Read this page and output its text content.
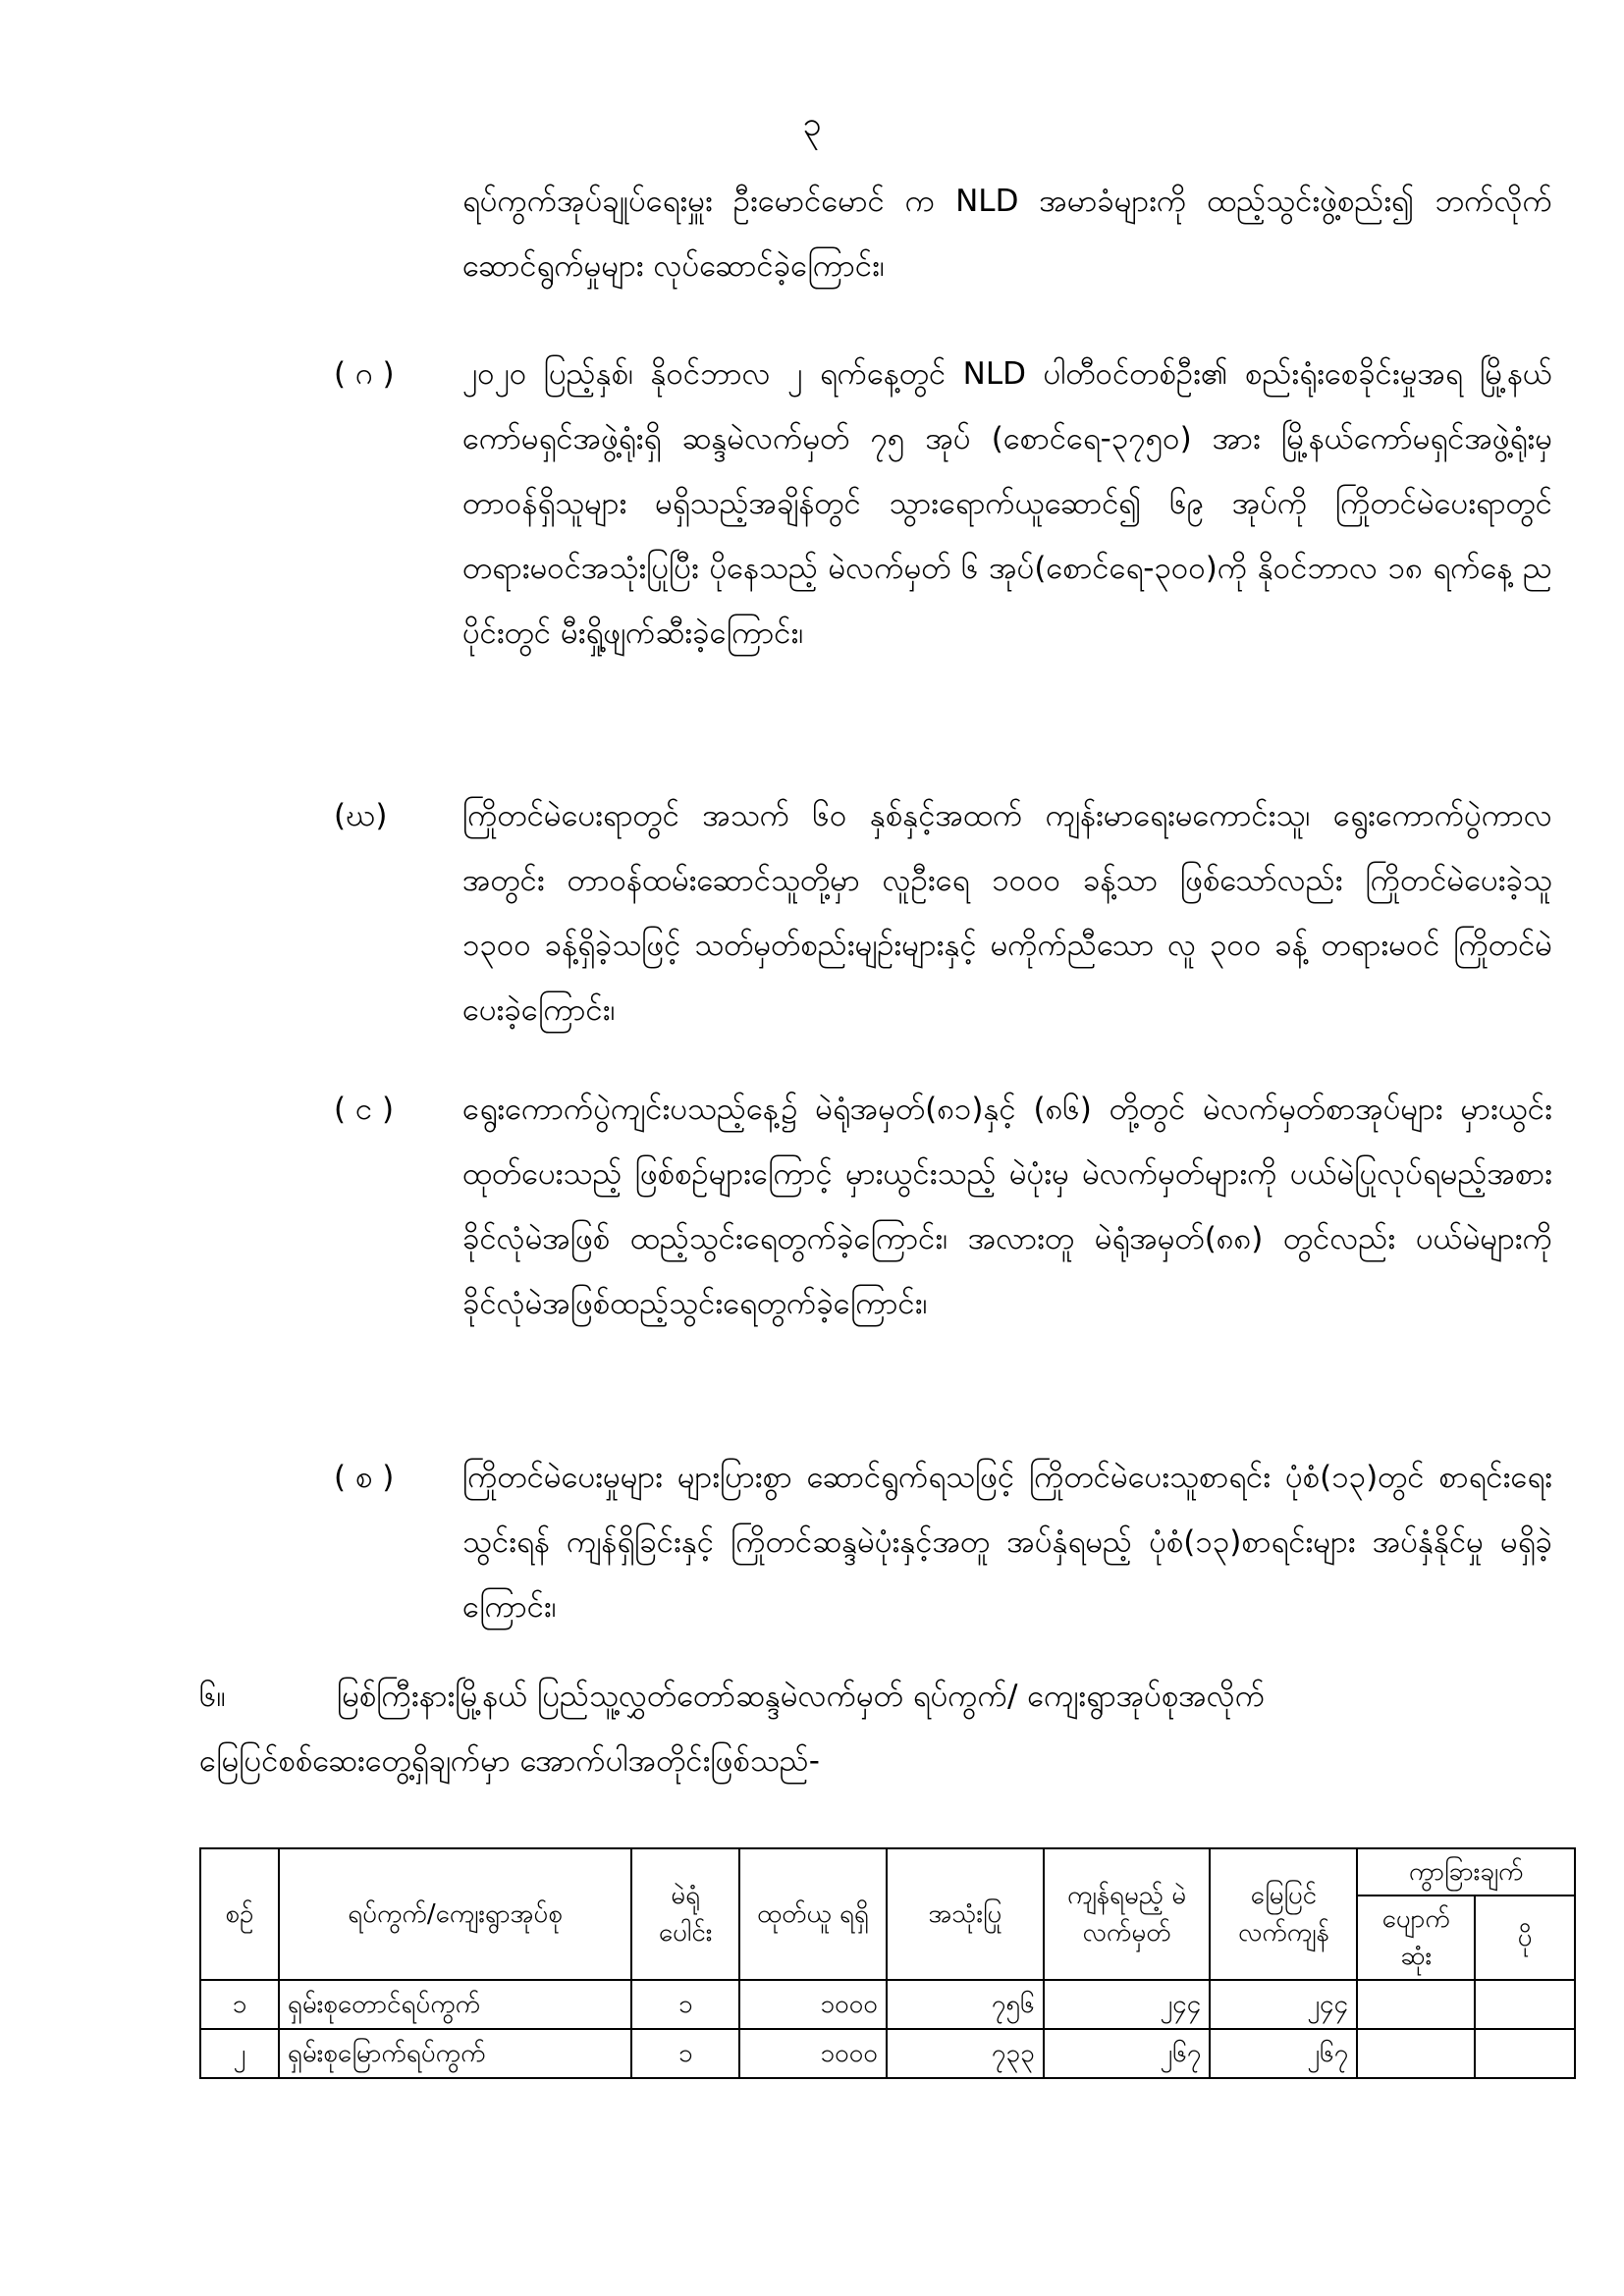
၃
ရပ်ကွက်အုပ်ချုပ်ရေးမှူး ဦးမောင်မောင် က NLD အမာခံများကို ထည့်သွင်းဖွဲ့စည်း၍ ဘက်လိုက်ဆောင်ရွက်မှုများ လုပ်ဆောင်ခဲ့ကြောင်း၊
( ဂ )	၂၀၂၀ ပြည့်နှစ်၊ နိုဝင်ဘာလ ၂ ရက်နေ့တွင် NLD ပါတီဝင်တစ်ဦး၏ စည်းရုံးစေခိုင်းမှုအရ မြို့နယ်ကော်မရှင်အဖွဲ့ရုံးရှိ ဆန္ဒမဲလက်မှတ် ၇၅ အုပ် (စောင်ရေ-၃၇၅၀) အား မြို့နယ်ကော်မရှင်အဖွဲ့ရုံးမှ တာဝန်ရှိသူများ မရှိသည့်အချိန်တွင် သွားရောက်ယူဆောင်၍ ၆၉ အုပ်ကို ကြိုတင်မဲပေးရာတွင် တရားမဝင်အသုံးပြုပြီး ပိုနေသည့် မဲလက်မှတ် ၆ အုပ်(စောင်ရေ-၃၀၀)ကို နိုဝင်ဘာလ ၁၈ ရက်နေ့ ညပိုင်းတွင် မီးရှို့ဖျက်ဆီးခဲ့ကြောင်း၊
(ဃ)	ကြိုတင်မဲပေးရာတွင် အသက် ၆၀ နှစ်နှင့်အထက် ကျန်းမာရေးမကောင်းသူ၊ ရွေးကောက်ပွဲကာလအတွင်း တာဝန်ထမ်းဆောင်သူတို့မှာ လူဦးရေ ၁၀၀၀ ခန့်သာ ဖြစ်သော်လည်း ကြိုတင်မဲပေးခဲ့သူ ၁၃၀၀ ခန့်ရှိခဲ့သဖြင့် သတ်မှတ်စည်းမျဉ်းများနှင့် မကိုက်ညီသော လူ ၃၀၀ ခန့် တရားမဝင် ကြိုတင်မဲပေးခဲ့ကြောင်း၊
( င )	ရွေးကောက်ပွဲကျင်းပသည့်နေ့၌ မဲရုံအမှတ်(၈၁)နှင့် (၈၆) တို့တွင် မဲလက်မှတ်စာအုပ်များ မှားယွင်းထုတ်ပေးသည့် ဖြစ်စဉ်များကြောင့် မှားယွင်းသည့် မဲပုံးမှ မဲလက်မှတ်များကို ပယ်မဲပြုလုပ်ရမည့်အစား ခိုင်လုံမဲအဖြစ် ထည့်သွင်းရေတွက်ခဲ့ကြောင်း၊ အလားတူ မဲရုံအမှတ်(၈၈) တွင်လည်း ပယ်မဲများကို ခိုင်လုံမဲအဖြစ်ထည့်သွင်းရေတွက်ခဲ့ကြောင်း၊
( စ )	ကြိုတင်မဲပေးမှုများ များပြားစွာ ဆောင်ရွက်ရသဖြင့် ကြိုတင်မဲပေးသူစာရင်း ပုံစံ(၁၃)တွင် စာရင်းရေးသွင်းရန် ကျန်ရှိခြင်းနှင့် ကြိုတင်ဆန္ဒမဲပုံးနှင့်အတူ အပ်နှံရမည့် ပုံစံ(၁၃)စာရင်းများ အပ်နှံနိုင်မှု မရှိခဲ့ကြောင်း၊
၆။	မြစ်ကြီးနားမြို့နယ် ပြည်သူ့လွှတ်တော်ဆန္ဒမဲလက်မှတ် ရပ်ကွက်/ ကျေးရွာအုပ်စုအလိုက်
မြေပြင်စစ်ဆေးတွေ့ရှိချက်မှာ အောက်ပါအတိုင်းဖြစ်သည်-
စဉ်	ရပ်ကွက်/ကျေးရွာအုပ်စု	မဲရုံ ပေါင်း	ထုတ်ယူ ရရှိ	အသုံးပြု	ကျန်ရမည့် မဲလက်မှတ်	မြေပြင် လက်ကျန်	ကွာခြားချက်	
							ပျောက် ဆုံး	ပို
၁	ရှမ်းစုတောင်ရပ်ကွက်	၁	၁၀၀၀	၇၅၆	၂၄၄	၂၄၄		
၂	ရှမ်းစုမြောက်ရပ်ကွက်	၁	၁၀၀၀	၇၃၃	၂၆၇	၂၆၇		
